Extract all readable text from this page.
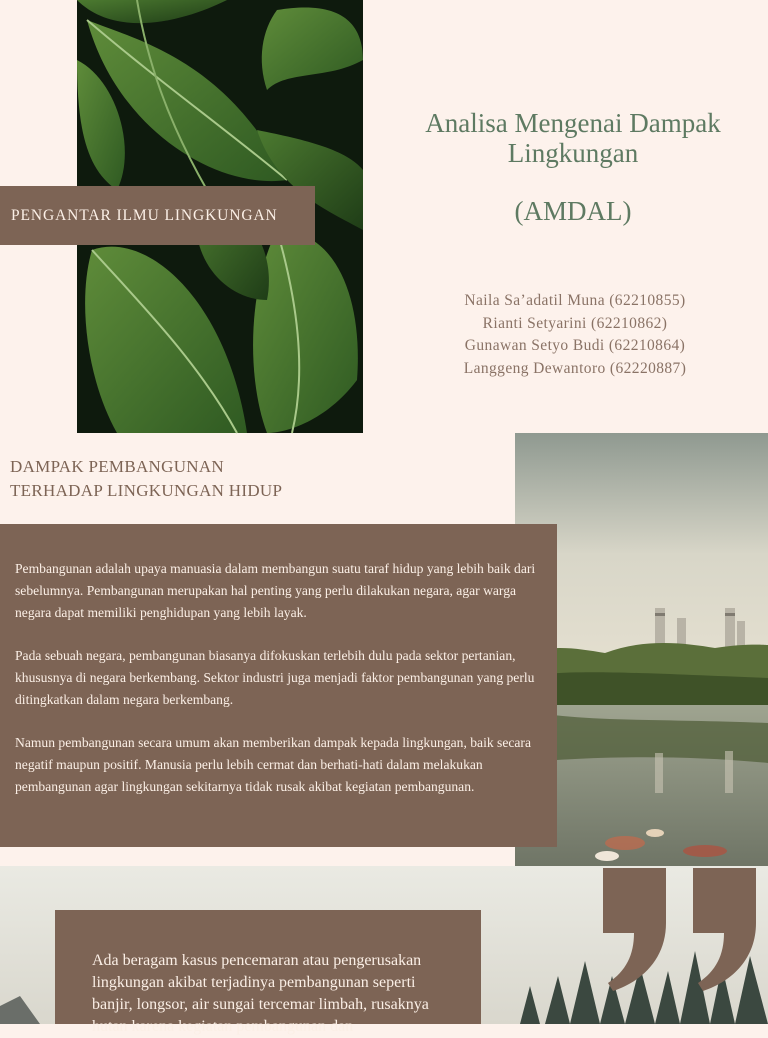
PENGANTAR ILMU LINGKUNGAN
Analisa Mengenai Dampak Lingkungan
(AMDAL)
Naila Sa’adatil Muna (62210855)
Rianti Setyarini (62210862)
Gunawan Setyo Budi (62210864)
Langgeng Dewantoro (62220887)
DAMPAK PEMBANGUNAN
TERHADAP LINGKUNGAN HIDUP

Pembangunan adalah upaya manuasia dalam membangun suatu taraf hidup yang lebih baik dari sebelumnya. Pembangunan merupakan hal penting yang perlu dilakukan negara, agar warga negara dapat memiliki penghidupan yang lebih layak.

Pada sebuah negara, pembangunan biasanya difokuskan terlebih dulu pada sektor pertanian, khususnya di negara berkembang. Sektor industri juga menjadi faktor pembangunan yang perlu ditingkatkan dalam negara berkembang.

Namun pembangunan secara umum akan memberikan dampak kepada lingkungan, baik secara negatif maupun positif. Manusia perlu lebih cermat dan berhati-hati dalam melakukan pembangunan agar lingkungan sekitarnya tidak rusak akibat kegiatan pembangunan.

Ada beragam kasus pencemaran atau pengerusakan lingkungan akibat terjadinya pembangunan seperti banjir, longsor, air sungai tercemar limbah, rusaknya hutan karena kegiatan pembangunan dan
